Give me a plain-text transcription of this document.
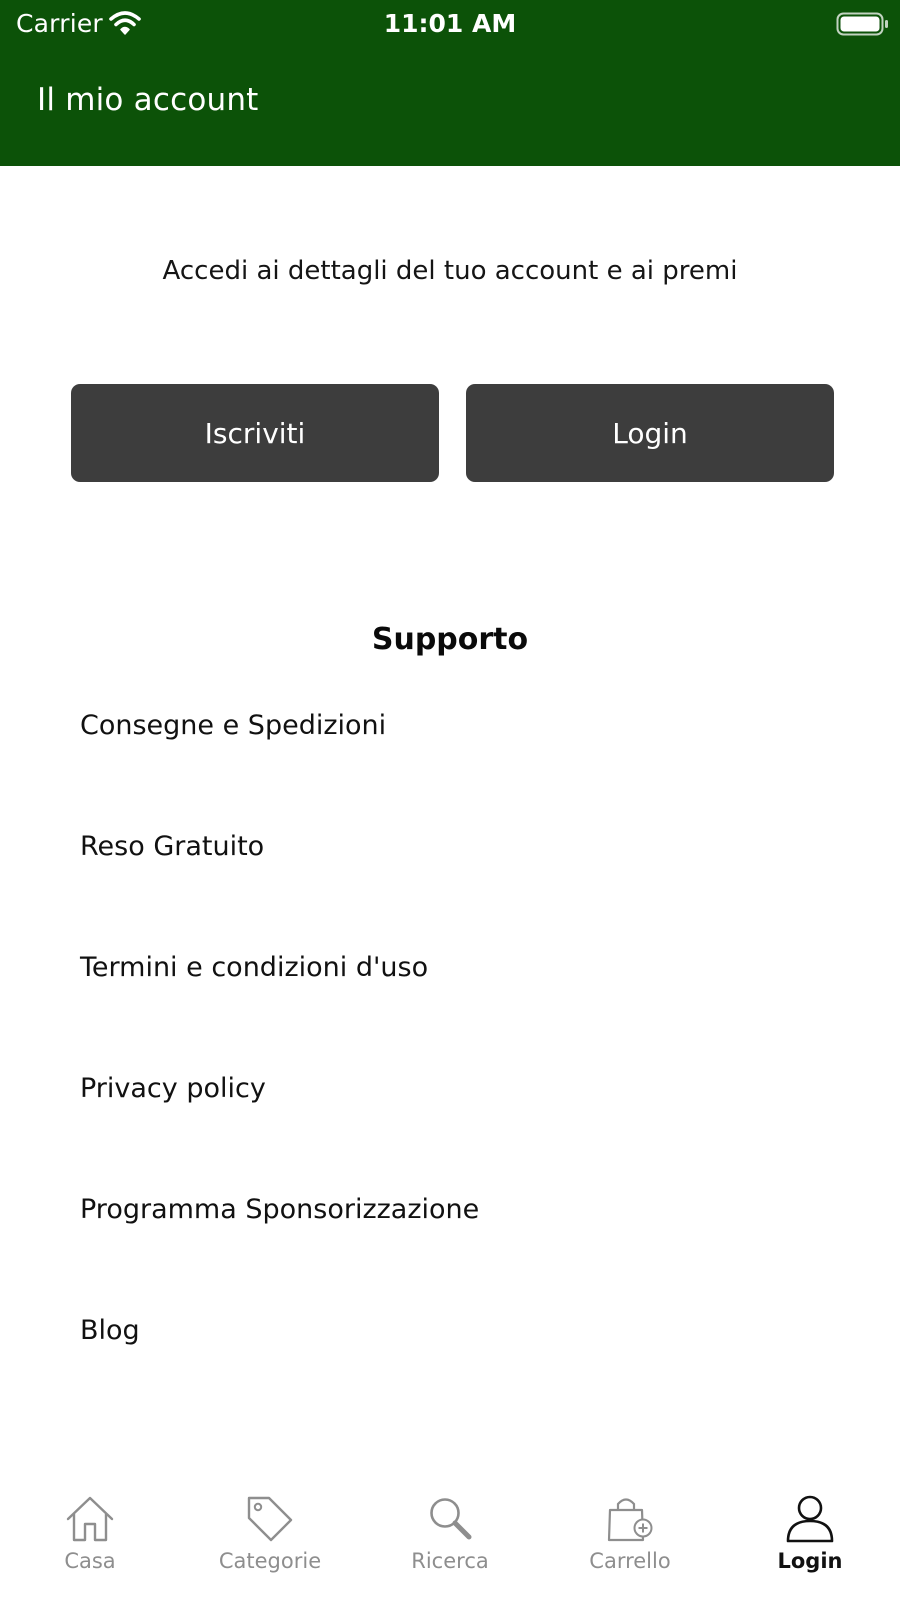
Carrier	11:01 AM
Il mio account
Accedi ai dettagli del tuo account e ai premi
Iscriviti	Login
Supporto
Consegne e Spedizioni
Reso Gratuito
Termini e condizioni d'uso
Privacy policy
Programma Sponsorizzazione
Blog
Casa	Categorie	Ricerca	Carrello	Login
